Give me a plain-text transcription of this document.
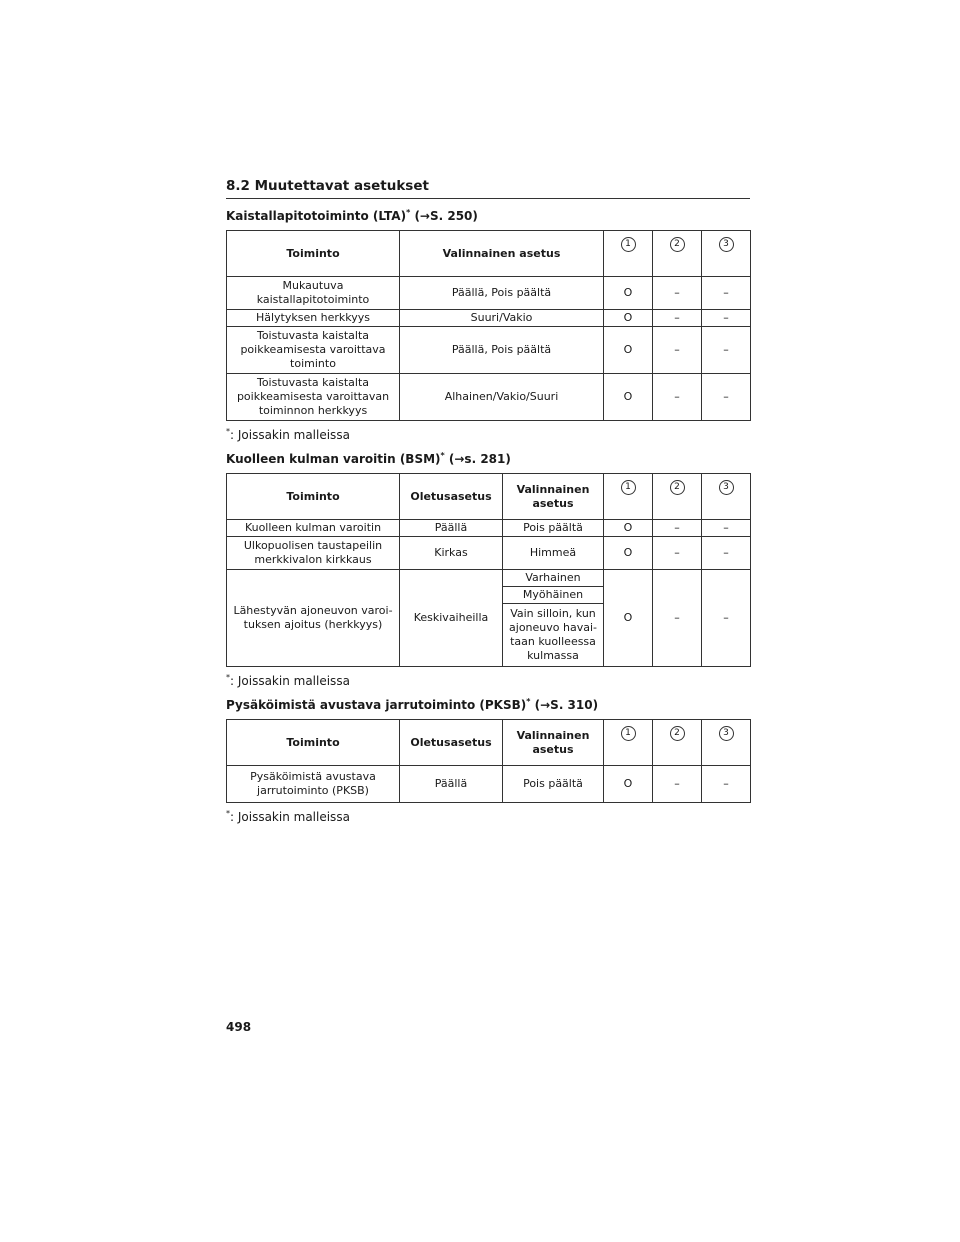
8.2 Muutettavat asetukset
Kaistallapitotoiminto (LTA)* (→S. 250)
Toiminto	Valinnainen asetus	1	2	3
Mukautuva kaistallapitotoiminto	Päällä, Pois päältä	O	–	–
Hälytyksen herkkyys	Suuri/Vakio	O	–	–
Toistuvasta kaistalta poikkeamisesta varoittava toiminto	Päällä, Pois päältä	O	–	–
Toistuvasta kaistalta poikkeamisesta varoittavan toiminnon herkkyys	Alhainen/Vakio/Suuri	O	–	–
*: Joissakin malleissa
Kuolleen kulman varoitin (BSM)* (→s. 281)
Toiminto	Oletusasetus	Valinnainen asetus	1	2	3
Kuolleen kulman varoitin	Päällä	Pois päältä	O	–	–
Ulkopuolisen taustapeilin merkkivalon kirkkaus	Kirkas	Himmeä	O	–	–
Lähestyvän ajoneuvon varoi-tuksen ajoitus (herkkyys)	Keskivaiheilla	Varhainen	O	–	–
		Myöhäinen			
		Vain silloin, kun ajoneuvo havai-taan kuolleessa kulmassa			
*: Joissakin malleissa
Pysäköimistä avustava jarrutoiminto (PKSB)* (→S. 310)
Toiminto	Oletusasetus	Valinnainen asetus	1	2	3
Pysäköimistä avustava jarrutoiminto (PKSB)	Päällä	Pois päältä	O	–	–
*: Joissakin malleissa
498
